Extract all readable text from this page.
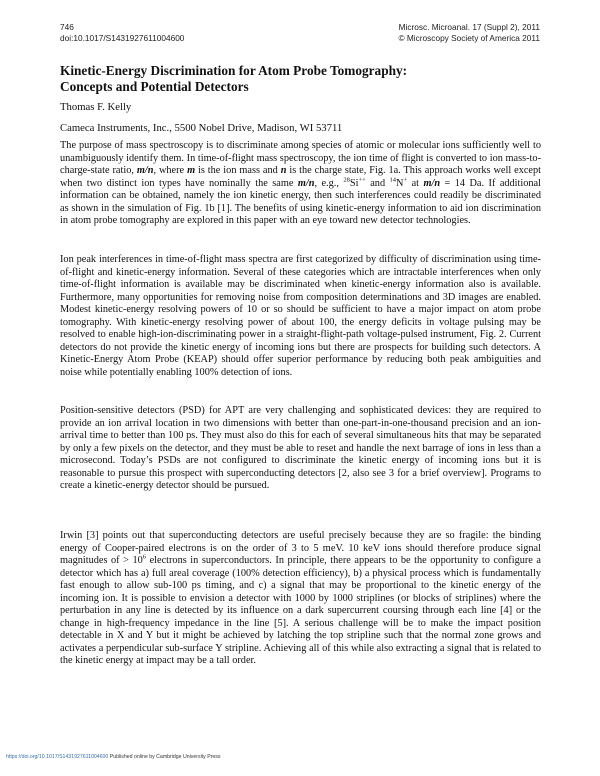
746
doi:10.1017/S1431927611004600
Microsc. Microanal. 17 (Suppl 2), 2011
© Microscopy Society of America 2011
Kinetic-Energy Discrimination for Atom Probe Tomography:
Concepts and Potential Detectors
Thomas F. Kelly
Cameca Instruments, Inc., 5500 Nobel Drive, Madison, WI 53711

The purpose of mass spectroscopy is to discriminate among species of atomic or molecular ions sufficiently well to unambiguously identify them. In time-of-flight mass spectroscopy, the ion time of flight is converted to ion mass-to-charge-state ratio, m/n, where m is the ion mass and n is the charge state, Fig. 1a. This approach works well except when two distinct ion types have nominally the same m/n, e.g., $^{28}$Si++ and $^{14}$N+ at m/n = 14 Da. If additional information can be obtained, namely the ion kinetic energy, then such interferences could readily be discriminated as shown in the simulation of Fig. 1b [1]. The benefits of using kinetic-energy information to aid ion discrimination in atom probe tomography are explored in this paper with an eye toward new detector technologies.

Ion peak interferences in time-of-flight mass spectra are first categorized by difficulty of discrimination using time-of-flight and kinetic-energy information. Several of these categories which are intractable interferences when only time-of-flight information is available may be discriminated when kinetic-energy information also is available. Furthermore, many opportunities for removing noise from composition determinations and 3D images are enabled. Modest kinetic-energy resolving powers of 10 or so should be sufficient to have a major impact on atom probe tomography. With kinetic-energy resolving power of about 100, the energy deficits in voltage pulsing may be resolved to enable high-ion-discriminating power in a straight-flight-path voltage-pulsed instrument, Fig. 2. Current detectors do not provide the kinetic energy of incoming ions but there are prospects for building such detectors. A Kinetic-Energy Atom Probe (KEAP) should offer superior performance by reducing both peak ambiguities and noise while potentially enabling 100% detection of ions.

Position-sensitive detectors (PSD) for APT are very challenging and sophisticated devices: they are required to provide an ion arrival location in two dimensions with better than one-part-in-one-thousand precision and an ion-arrival time to better than 100 ps. They must also do this for each of several simultaneous hits that may be separated by only a few pixels on the detector, and they must be able to reset and handle the next barrage of ions in less than a microsecond. Today’s PSDs are not configured to discriminate the kinetic energy of incoming ions but it is reasonable to pursue this prospect with superconducting detectors [2, also see 3 for a brief overview]. Programs to create a kinetic-energy detector should be pursued.

Irwin [3] points out that superconducting detectors are useful precisely because they are so fragile: the binding energy of Cooper-paired electrons is on the order of 3 to 5 meV. 10 keV ions should therefore produce signal magnitudes of > $10^6$ electrons in superconductors. In principle, there appears to be the opportunity to configure a detector which has a) full areal coverage (100% detection efficiency), b) a physical process which is fundamentally fast enough to allow sub-100 ps timing, and c) a signal that may be proportional to the kinetic energy of the incoming ion. It is possible to envision a detector with 1000 by 1000 striplines (or blocks of striplines) where the perturbation in any line is detected by its influence on a dark supercurrent coursing through each line [4] or the change in high-frequency impedance in the line [5]. A serious challenge will be to make the impact position detectable in X and Y but it might be achieved by latching the top stripline such that the normal zone grows and activates a perpendicular sub-surface Y stripline. Achieving all of this while also extracting a signal that is related to the kinetic energy at impact may be a tall order.

https://doi.org/10.1017/S1431927611004600 Published online by Cambridge University Press
